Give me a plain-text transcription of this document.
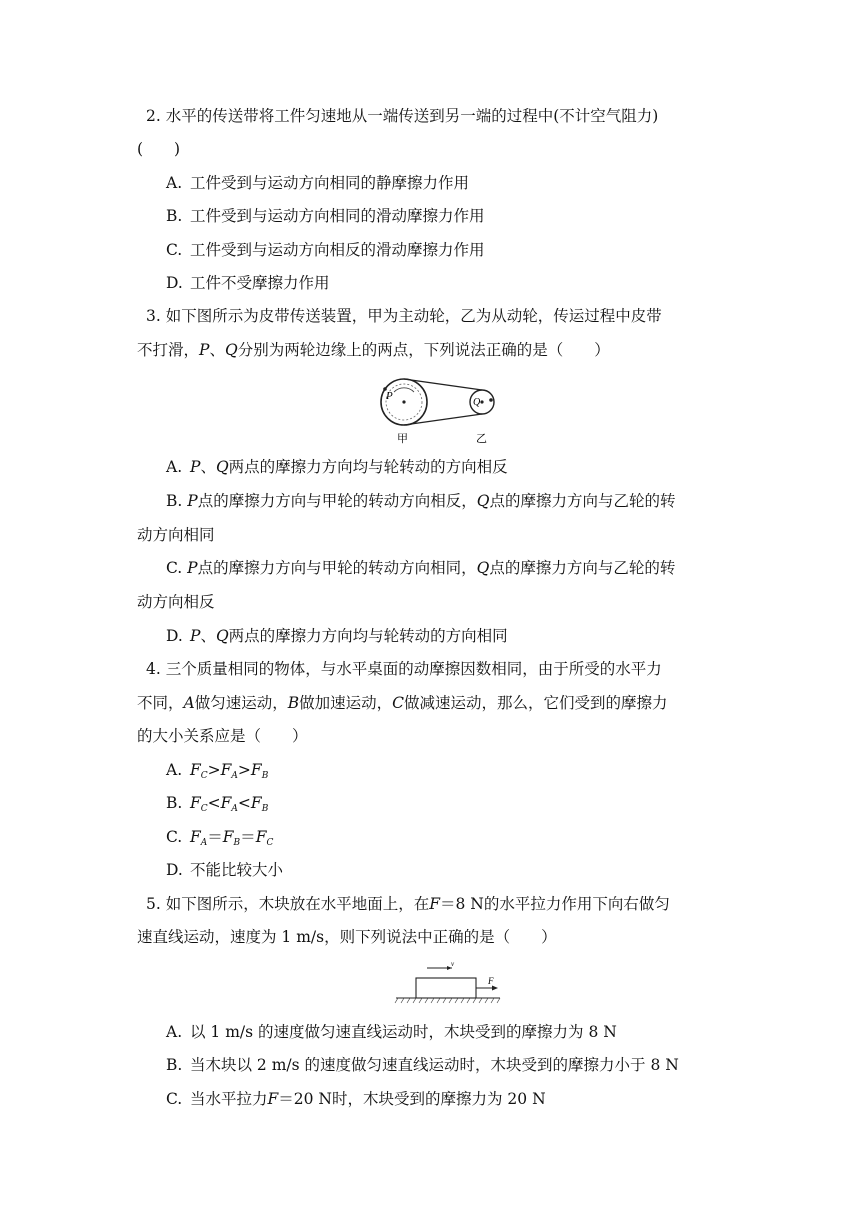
2. 水平的传送带将工件匀速地从一端传送到另一端的过程中(不计空气阻力)
(　　)
A. 工件受到与运动方向相同的静摩擦力作用
B. 工件受到与运动方向相同的滑动摩擦力作用
C. 工件受到与运动方向相反的滑动摩擦力作用
D. 工件不受摩擦力作用
3. 如下图所示为皮带传送装置，甲为主动轮，乙为从动轮，传运过程中皮带
不打滑，P、Q分别为两轮边缘上的两点，下列说法正确的是（　　）
P
Q
甲	乙
A. P、Q两点的摩擦力方向均与轮转动的方向相反
B. P点的摩擦力方向与甲轮的转动方向相反，Q点的摩擦力方向与乙轮的转
动方向相同
C. P点的摩擦力方向与甲轮的转动方向相同，Q点的摩擦力方向与乙轮的转
动方向相反
D. P、Q两点的摩擦力方向均与轮转动的方向相同
4. 三个质量相同的物体，与水平桌面的动摩擦因数相同，由于所受的水平力
不同，A做匀速运动，B做加速运动，C做减速运动，那么，它们受到的摩擦力
的大小关系应是（　　）
A. $F_C>F_A>F_B$
B. $F_C<F_A<F_B$
C. $F_A=F_B=F_C$
D. 不能比较大小
5. 如下图所示，木块放在水平地面上，在F＝8 N的水平拉力作用下向右做匀
速直线运动，速度为 1 m/s，则下列说法中正确的是（　　）
v
F
A. 以 1 m/s 的速度做匀速直线运动时，木块受到的摩擦力为 8 N
B. 当木块以 2 m/s 的速度做匀速直线运动时，木块受到的摩擦力小于 8 N
C. 当水平拉力F＝20 N时，木块受到的摩擦力为 20 N
